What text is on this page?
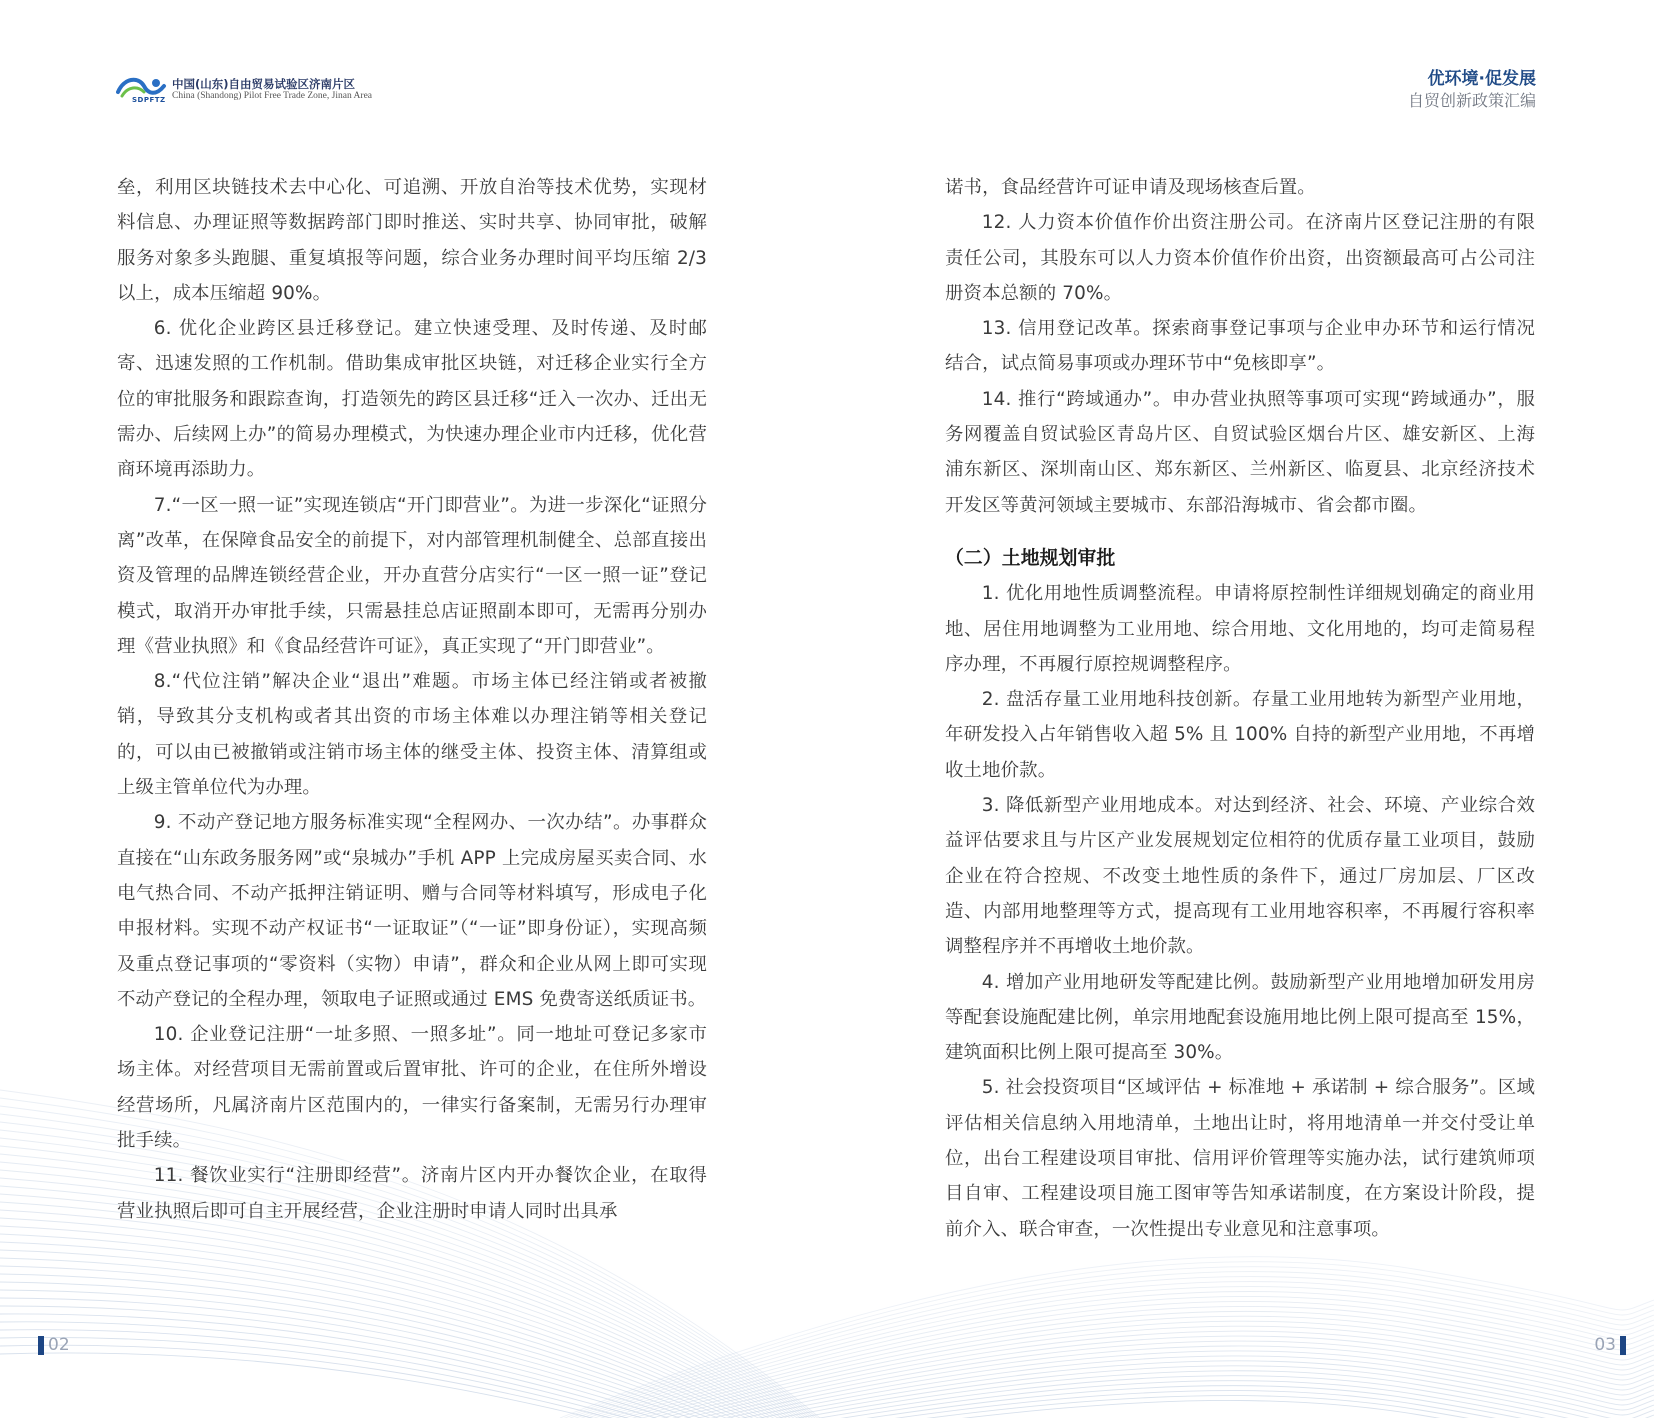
SDPFTZ
中国(山东)自由贸易试验区济南片区
China (Shandong) Pilot Free Trade Zone, Jinan Area
优环境·促发展
自贸创新政策汇编

垒，利用区块链技术去中心化、可追溯、开放自治等技术优势，实现材料信息、办理证照等数据跨部门即时推送、实时共享、协同审批，破解服务对象多头跑腿、重复填报等问题，综合业务办理时间平均压缩 2/3 以上，成本压缩超 90%。

6. 优化企业跨区县迁移登记。建立快速受理、及时传递、及时邮寄、迅速发照的工作机制。借助集成审批区块链，对迁移企业实行全方位的审批服务和跟踪查询，打造领先的跨区县迁移“迁入一次办、迁出无需办、后续网上办”的简易办理模式，为快速办理企业市内迁移，优化营商环境再添助力。

7.“一区一照一证”实现连锁店“开门即营业”。为进一步深化“证照分离”改革，在保障食品安全的前提下，对内部管理机制健全、总部直接出资及管理的品牌连锁经营企业，开办直营分店实行“一区一照一证”登记模式，取消开办审批手续，只需悬挂总店证照副本即可，无需再分别办理《营业执照》和《食品经营许可证》，真正实现了“开门即营业”。

8.“代位注销”解决企业“退出”难题。市场主体已经注销或者被撤销，导致其分支机构或者其出资的市场主体难以办理注销等相关登记的，可以由已被撤销或注销市场主体的继受主体、投资主体、清算组或上级主管单位代为办理。

9. 不动产登记地方服务标准实现“全程网办、一次办结”。办事群众直接在“山东政务服务网”或“泉城办”手机 APP 上完成房屋买卖合同、水电气热合同、不动产抵押注销证明、赠与合同等材料填写，形成电子化申报材料。实现不动产权证书“一证取证”（“一证”即身份证），实现高频及重点登记事项的“零资料（实物）申请”，群众和企业从网上即可实现不动产登记的全程办理，领取电子证照或通过 EMS 免费寄送纸质证书。

10. 企业登记注册“一址多照、一照多址”。同一地址可登记多家市场主体。对经营项目无需前置或后置审批、许可的企业，在住所外增设经营场所，凡属济南片区范围内的，一律实行备案制，无需另行办理审批手续。

11. 餐饮业实行“注册即经营”。济南片区内开办餐饮企业，在取得营业执照后即可自主开展经营，企业注册时申请人同时出具承

诺书，食品经营许可证申请及现场核查后置。

12. 人力资本价值作价出资注册公司。在济南片区登记注册的有限责任公司，其股东可以人力资本价值作价出资，出资额最高可占公司注册资本总额的 70%。

13. 信用登记改革。探索商事登记事项与企业申办环节和运行情况结合，试点简易事项或办理环节中“免核即享”。

14. 推行“跨域通办”。申办营业执照等事项可实现“跨域通办”，服务网覆盖自贸试验区青岛片区、自贸试验区烟台片区、雄安新区、上海浦东新区、深圳南山区、郑东新区、兰州新区、临夏县、北京经济技术开发区等黄河领域主要城市、东部沿海城市、省会都市圈。

（二）土地规划审批

1. 优化用地性质调整流程。申请将原控制性详细规划确定的商业用地、居住用地调整为工业用地、综合用地、文化用地的，均可走简易程序办理，不再履行原控规调整程序。

2. 盘活存量工业用地科技创新。存量工业用地转为新型产业用地，年研发投入占年销售收入超 5% 且 100% 自持的新型产业用地，不再增收土地价款。

3. 降低新型产业用地成本。对达到经济、社会、环境、产业综合效益评估要求且与片区产业发展规划定位相符的优质存量工业项目，鼓励企业在符合控规、不改变土地性质的条件下，通过厂房加层、厂区改造、内部用地整理等方式，提高现有工业用地容积率，不再履行容积率调整程序并不再增收土地价款。

4. 增加产业用地研发等配建比例。鼓励新型产业用地增加研发用房等配套设施配建比例，单宗用地配套设施用地比例上限可提高至 15%，建筑面积比例上限可提高至 30%。

5. 社会投资项目“区域评估 + 标准地 + 承诺制 + 综合服务”。区域评估相关信息纳入用地清单，土地出让时，将用地清单一并交付受让单位，出台工程建设项目审批、信用评价管理等实施办法，试行建筑师项目自审、工程建设项目施工图审等告知承诺制度，在方案设计阶段，提前介入、联合审查，一次性提出专业意见和注意事项。

02	03
